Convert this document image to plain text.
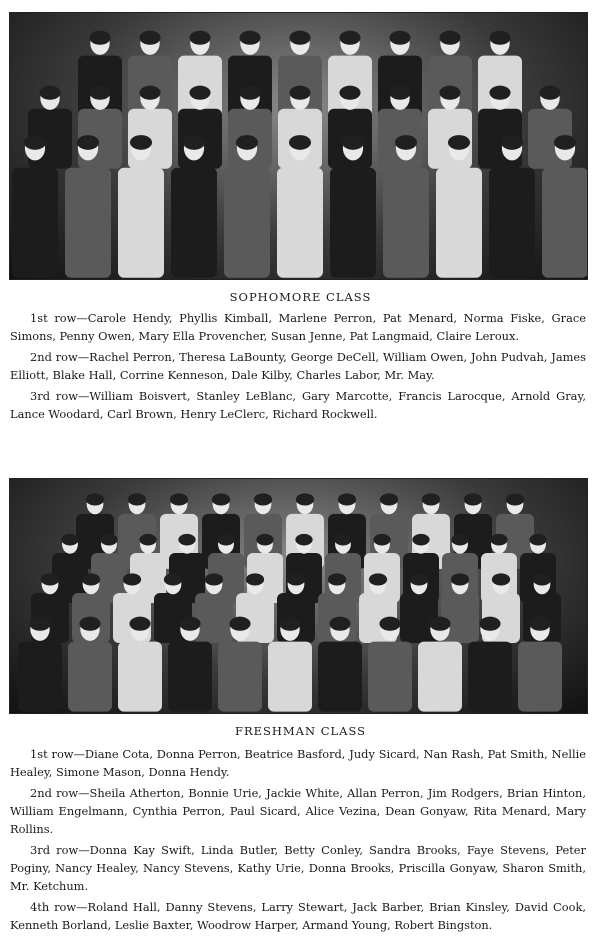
SOPHOMORE CLASS

1st row—Carole Hendy, Phyllis Kimball, Marlene Perron, Pat Menard, Norma Fiske, Grace Simons, Penny Owen, Mary Ella Provencher, Susan Jenne, Pat Langmaid, Claire Leroux.

2nd row—Rachel Perron, Theresa LaBounty, George DeCell, William Owen, John Pudvah, James Elliott, Blake Hall, Corrine Kenneson, Dale Kilby, Charles Labor, Mr. May.

3rd row—William Boisvert, Stanley LeBlanc, Gary Marcotte, Francis Larocque, Arnold Gray, Lance Woodard, Carl Brown, Henry LeClerc, Richard Rockwell.

FRESHMAN CLASS

1st row—Diane Cota, Donna Perron, Beatrice Basford, Judy Sicard, Nan Rash, Pat Smith, Nellie Healey, Simone Mason, Donna Hendy.

2nd row—Sheila Atherton, Bonnie Urie, Jackie White, Allan Perron, Jim Rodgers, Brian Hinton, William Engelmann, Cynthia Perron, Paul Sicard, Alice Vezina, Dean Gonyaw, Rita Menard, Mary Rollins.

3rd row—Donna Kay Swift, Linda Butler, Betty Conley, Sandra Brooks, Faye Stevens, Peter Poginy, Nancy Healey, Nancy Stevens, Kathy Urie, Donna Brooks, Priscilla Gonyaw, Sharon Smith, Mr. Ketchum.

4th row—Roland Hall, Danny Stevens, Larry Stewart, Jack Barber, Brian Kinsley, David Cook, Kenneth Borland, Leslie Baxter, Woodrow Harper, Armand Young, Robert Bingston.
